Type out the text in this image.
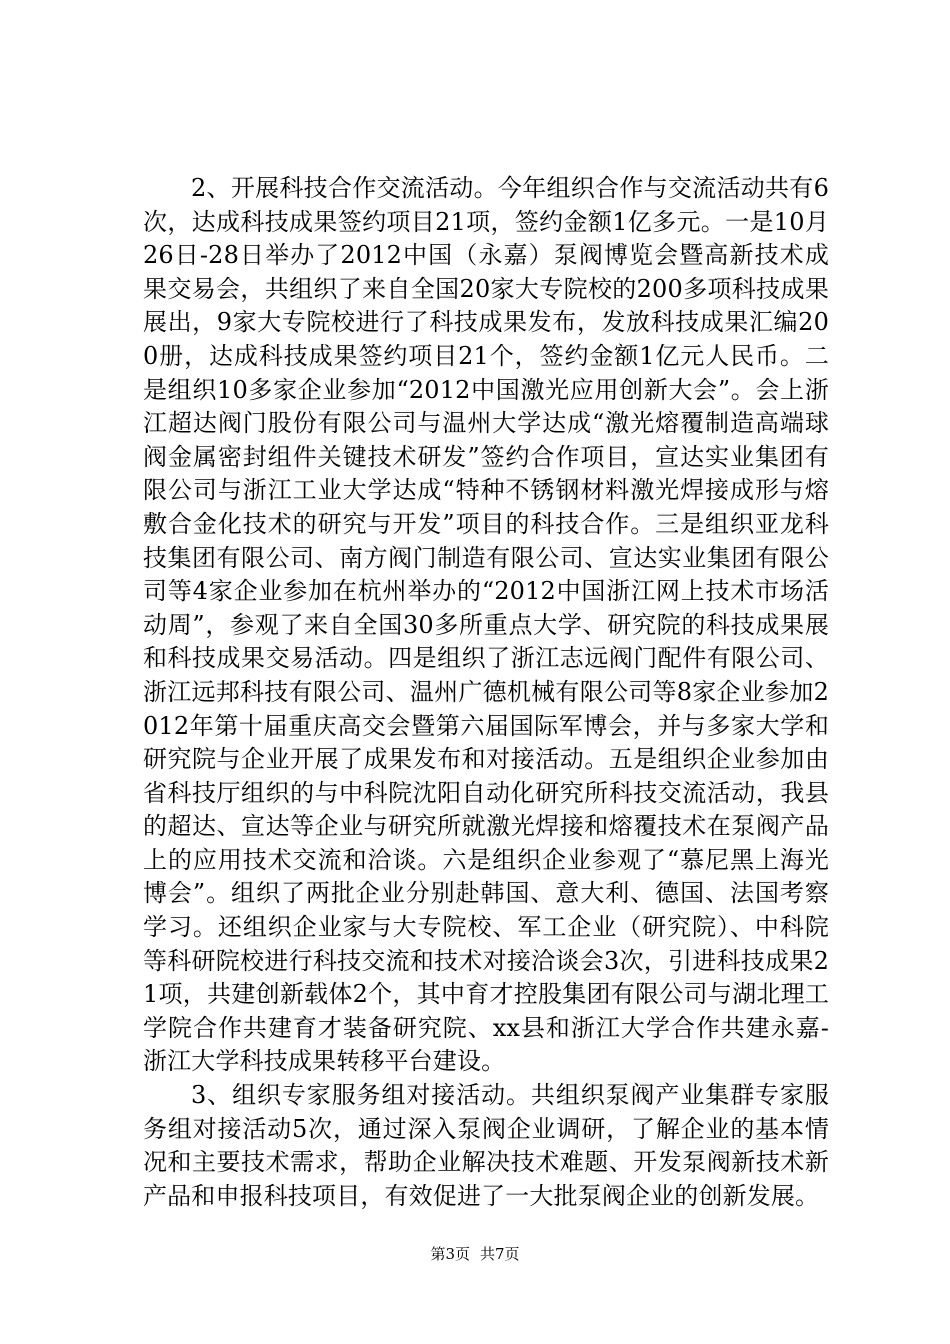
2、开展科技合作交流活动。今年组织合作与交流活动共有6次，达成科技成果签约项目21项，签约金额1亿多元。一是10月26日-28日举办了2012中国（永嘉）泵阀博览会暨高新技术成果交易会，共组织了来自全国20家大专院校的200多项科技成果展出，9家大专院校进行了科技成果发布，发放科技成果汇编200册，达成科技成果签约项目21个，签约金额1亿元人民币。二是组织10多家企业参加“2012中国激光应用创新大会”。会上浙江超达阀门股份有限公司与温州大学达成“激光熔覆制造高端球阀金属密封组件关键技术研发”签约合作项目，宣达实业集团有限公司与浙江工业大学达成“特种不锈钢材料激光焊接成形与熔敷合金化技术的研究与开发”项目的科技合作。三是组织亚龙科技集团有限公司、南方阀门制造有限公司、宣达实业集团有限公司等4家企业参加在杭州举办的“2012中国浙江网上技术市场活动周”，参观了来自全国30多所重点大学、研究院的科技成果展和科技成果交易活动。四是组织了浙江志远阀门配件有限公司、浙江远邦科技有限公司、温州广德机械有限公司等8家企业参加2012年第十届重庆高交会暨第六届国际军博会，并与多家大学和研究院与企业开展了成果发布和对接活动。五是组织企业参加由省科技厅组织的与中科院沈阳自动化研究所科技交流活动，我县的超达、宣达等企业与研究所就激光焊接和熔覆技术在泵阀产品上的应用技术交流和洽谈。六是组织企业参观了“慕尼黑上海光博会”。组织了两批企业分别赴韩国、意大利、德国、法国考察学习。还组织企业家与大专院校、军工企业（研究院）、中科院等科研院校进行科技交流和技术对接洽谈会3次，引进科技成果21项，共建创新载体2个，其中育才控股集团有限公司与湖北理工学院合作共建育才装备研究院、xx县和浙江大学合作共建永嘉-浙江大学科技成果转移平台建设。

3、组织专家服务组对接活动。共组织泵阀产业集群专家服务组对接活动5次，通过深入泵阀企业调研，了解企业的基本情况和主要技术需求，帮助企业解决技术难题、开发泵阀新技术新产品和申报科技项目，有效促进了一大批泵阀企业的创新发展。

第3页 共7页
